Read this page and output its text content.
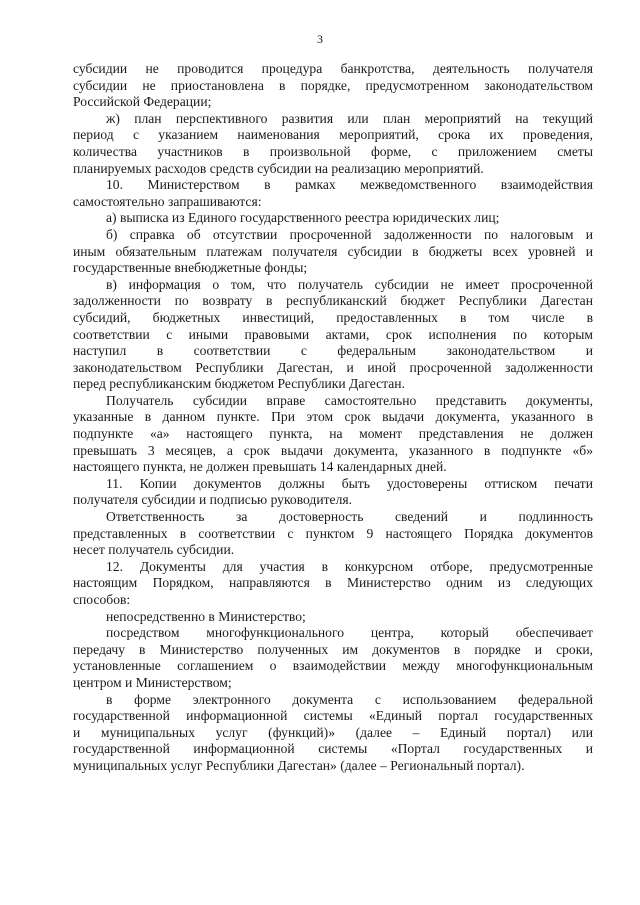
3
субсидии не проводится процедура банкротства, деятельность получателя
субсидии не приостановлена в порядке, предусмотренном законодательством
Российской Федерации;
ж) план перспективного развития или план мероприятий на текущий
период с указанием наименования мероприятий, срока их проведения,
количества участников в произвольной форме, с приложением сметы
планируемых расходов средств субсидии на реализацию мероприятий.
10. Министерством в рамках межведомственного взаимодействия
самостоятельно запрашиваются:
а) выписка из Единого государственного реестра юридических лиц;
б) справка об отсутствии просроченной задолженности по налоговым и
иным обязательным платежам получателя субсидии в бюджеты всех уровней и
государственные внебюджетные фонды;
в) информация о том, что получатель субсидии не имеет просроченной
задолженности по возврату в республиканский бюджет Республики Дагестан
субсидий, бюджетных инвестиций, предоставленных в том числе в
соответствии с иными правовыми актами, срок исполнения по которым
наступил в соответствии с федеральным законодательством и
законодательством Республики Дагестан, и иной просроченной задолженности
перед республиканским бюджетом Республики Дагестан.
Получатель субсидии вправе самостоятельно представить документы,
указанные в данном пункте. При этом срок выдачи документа, указанного в
подпункте «а» настоящего пункта, на момент представления не должен
превышать 3 месяцев, а срок выдачи документа, указанного в подпункте «б»
настоящего пункта, не должен превышать 14 календарных дней.
11. Копии документов должны быть удостоверены оттиском печати
получателя субсидии и подписью руководителя.
Ответственность за достоверность сведений и подлинность
представленных в соответствии с пунктом 9 настоящего Порядка документов
несет получатель субсидии.
12. Документы для участия в конкурсном отборе, предусмотренные
настоящим Порядком, направляются в Министерство одним из следующих
способов:
непосредственно в Министерство;
посредством многофункционального центра, который обеспечивает
передачу в Министерство полученных им документов в порядке и сроки,
установленные соглашением о взаимодействии между многофункциональным
центром и Министерством;
в форме электронного документа с использованием федеральной
государственной информационной системы «Единый портал государственных
и муниципальных услуг (функций)» (далее – Единый портал) или
государственной информационной системы «Портал государственных и
муниципальных услуг Республики Дагестан» (далее – Региональный портал).
